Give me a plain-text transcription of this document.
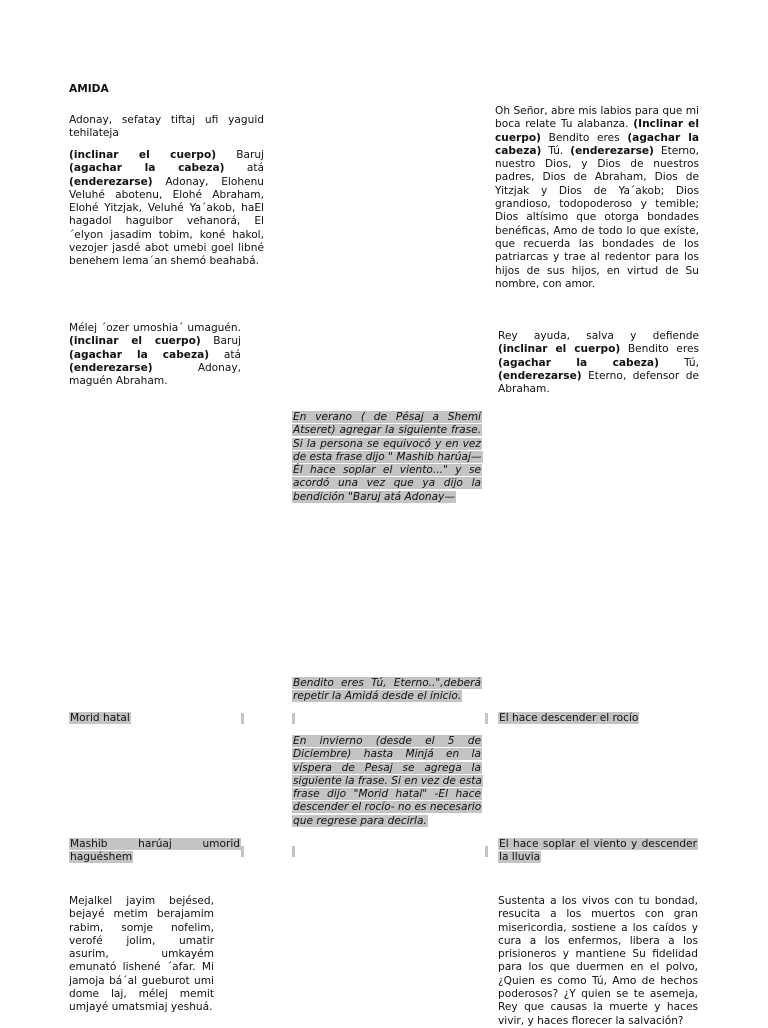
AMIDA

Adonay, sefatay tiftaj ufi yaguid tehilateja

(inclinar el cuerpo) Baruj (agachar la cabeza) atá (enderezarse) Adonay, Elohenu Veluhé abotenu, Elohé Abraham, Elohé Yitzjak, Veluhé Ya´akob, haEl hagadol haguibor vehanorá, El ´elyon jasadim tobim, koné hakol, vezojer jasdé abot umebi goel libné benehem lema´an shemó beahabá.

Mélej ´ozer umoshia´ umaguén. (inclinar el cuerpo) Baruj (agachar la cabeza) atá (enderezarse) Adonay, maguén Abraham.

Morid hatal
Mashib harúaj umorid haguéshem

Mejalkel jayim bejésed, bejayé metim berajamim rabim, somje nofelim, verofé jolim, umatir asurim, umkayém emunató lishené ´afar. Mi jamoja bá´al gueburot umi dome laj, mélej memit umjayé umatsmiaj yeshuá.

En verano ( de Pésaj a Shemí Atseret) agregar la siguiente frase. Si la persona se equivocó y en vez de esta frase dijo " Mashib harúaj—Él hace soplar el viento..." y se acordó una vez que ya dijo la bendición "Baruj atá Adonay—
Bendito eres Tú, Eterno..",deberá repetir la Amidá desde el inicio.
En invierno (desde el 5 de Diciembre) hasta Minjá en la víspera de Pesaj se agrega la siguiente la frase. Si en vez de esta frase dijo "Morid hatal" -El hace descender el rocío- no es necesario que regrese para decirla.

Oh Señor, abre mis labios para que mi boca relate Tu alabanza. (Inclinar el cuerpo) Bendito eres (agachar la cabeza) Tú. (enderezarse) Eterno, nuestro Dios, y Dios de nuestros padres, Dios de Abraham, Dios de Yitzjak y Dios de Ya´akob; Dios grandioso, todopoderoso y temible; Dios altísimo que otorga bondades benéficas, Amo de todo lo que existe, que recuerda las bondades de los patriarcas y trae al redentor para los hijos de sus hijos, en virtud de Su nombre, con amor.

Rey ayuda, salva y defiende (inclinar el cuerpo) Bendito eres (agachar la cabeza) Tú, (enderezarse) Eterno, defensor de Abraham.

El hace descender el rocío
El hace soplar el viento y descender la lluvia

Sustenta a los vivos con tu bondad, resucita a los muertos con gran misericordia, sostiene a los caídos y cura a los enfermos, libera a los prisioneros y mantiene Su fidelidad para los que duermen en el polvo, ¿Quien es como Tú, Amo de hechos poderosos? ¿Y quien se te asemeja, Rey que causas la muerte y haces vivir, y haces florecer la salvación?
